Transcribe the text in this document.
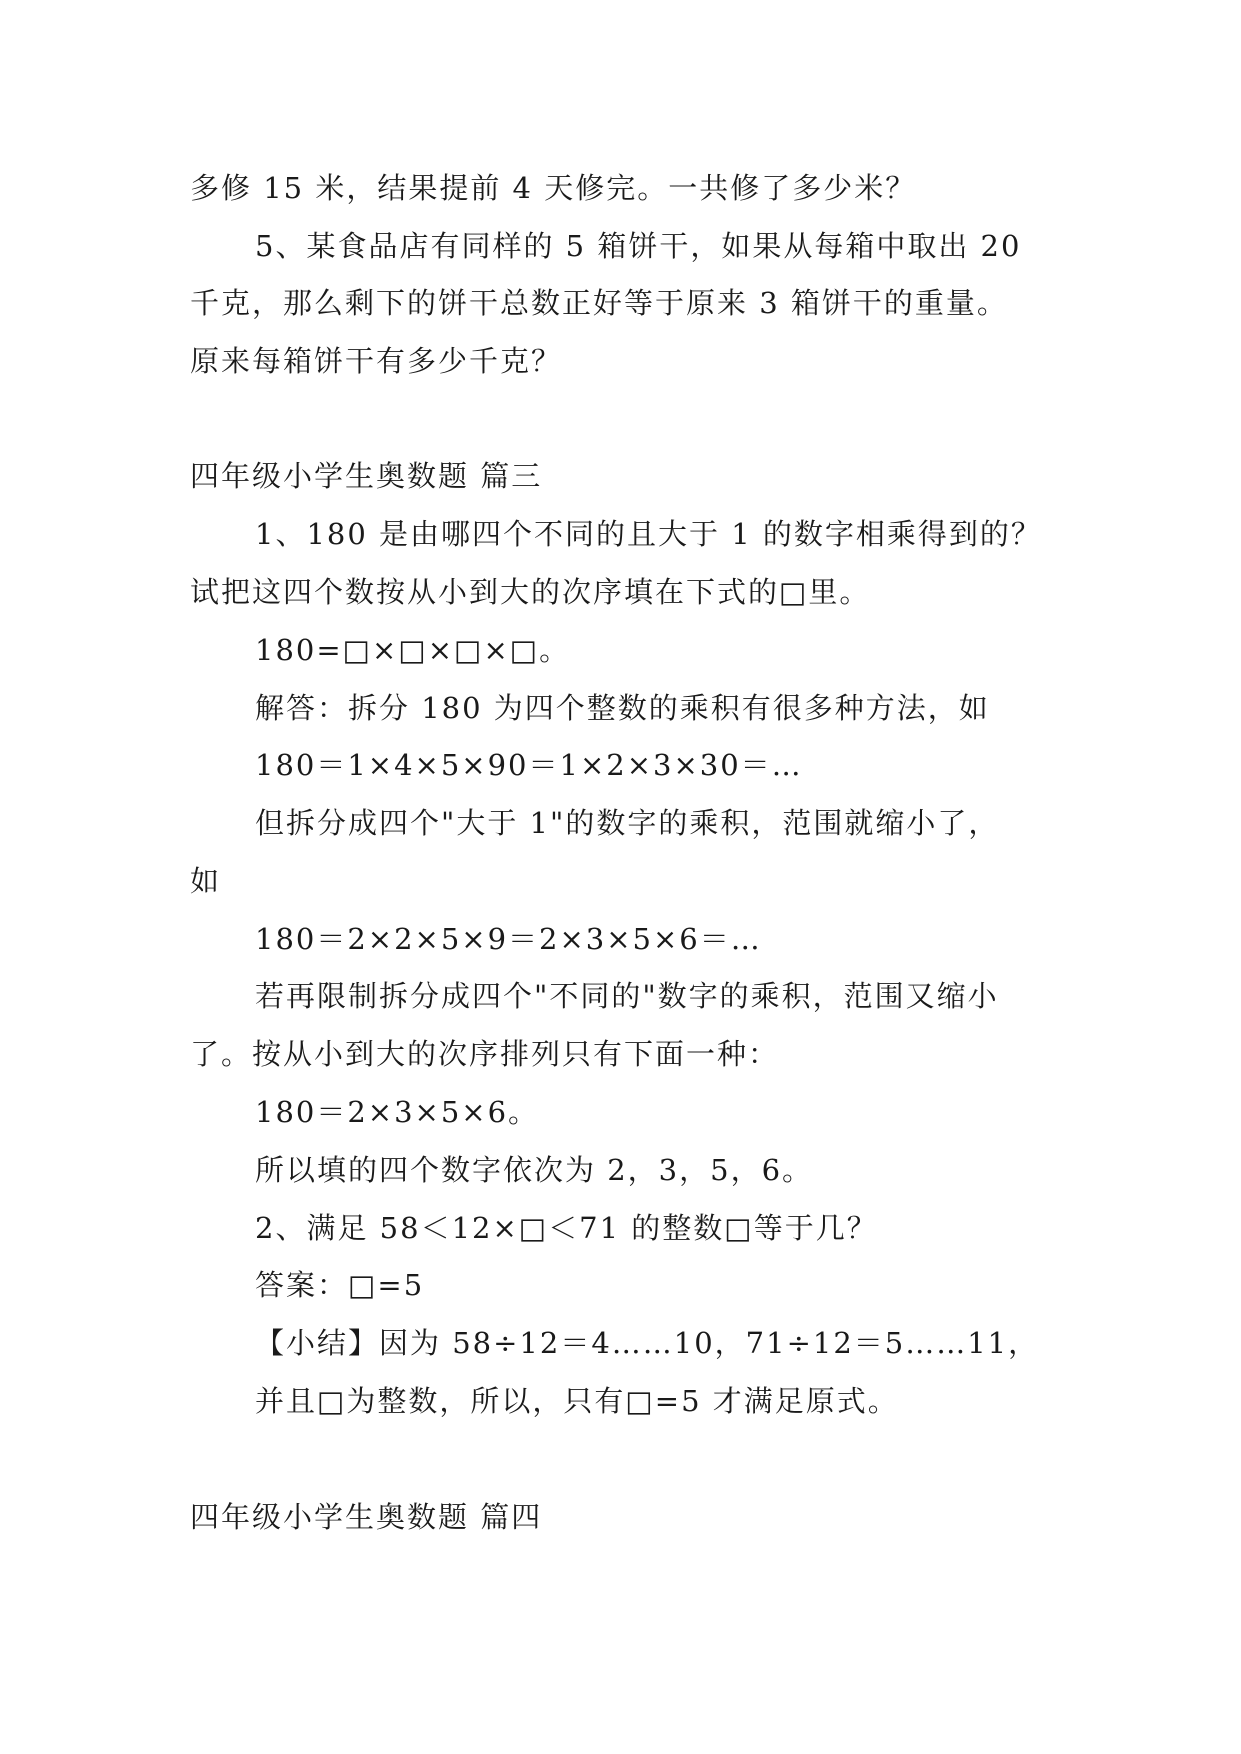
多修 15 米，结果提前 4 天修完。一共修了多少米？
5、某食品店有同样的 5 箱饼干，如果从每箱中取出 20
千克，那么剩下的饼干总数正好等于原来 3 箱饼干的重量。
原来每箱饼干有多少千克？
四年级小学生奥数题 篇三
1、180 是由哪四个不同的且大于 1 的数字相乘得到的？
试把这四个数按从小到大的次序填在下式的□里。
180=□×□×□×□。
解答：拆分 180 为四个整数的乘积有很多种方法，如
180＝1×4×5×90＝1×2×3×30＝…
但拆分成四个"大于 1"的数字的乘积，范围就缩小了，
如
180＝2×2×5×9＝2×3×5×6＝…
若再限制拆分成四个"不同的"数字的乘积，范围又缩小
了。按从小到大的次序排列只有下面一种：
180＝2×3×5×6。
所以填的四个数字依次为 2，3，5，6。
2、满足 58＜12×□＜71 的整数□等于几？
答案：□=5
【小结】因为 58÷12＝4……10，71÷12＝5……11，
并且□为整数，所以，只有□=5 才满足原式。
四年级小学生奥数题 篇四
